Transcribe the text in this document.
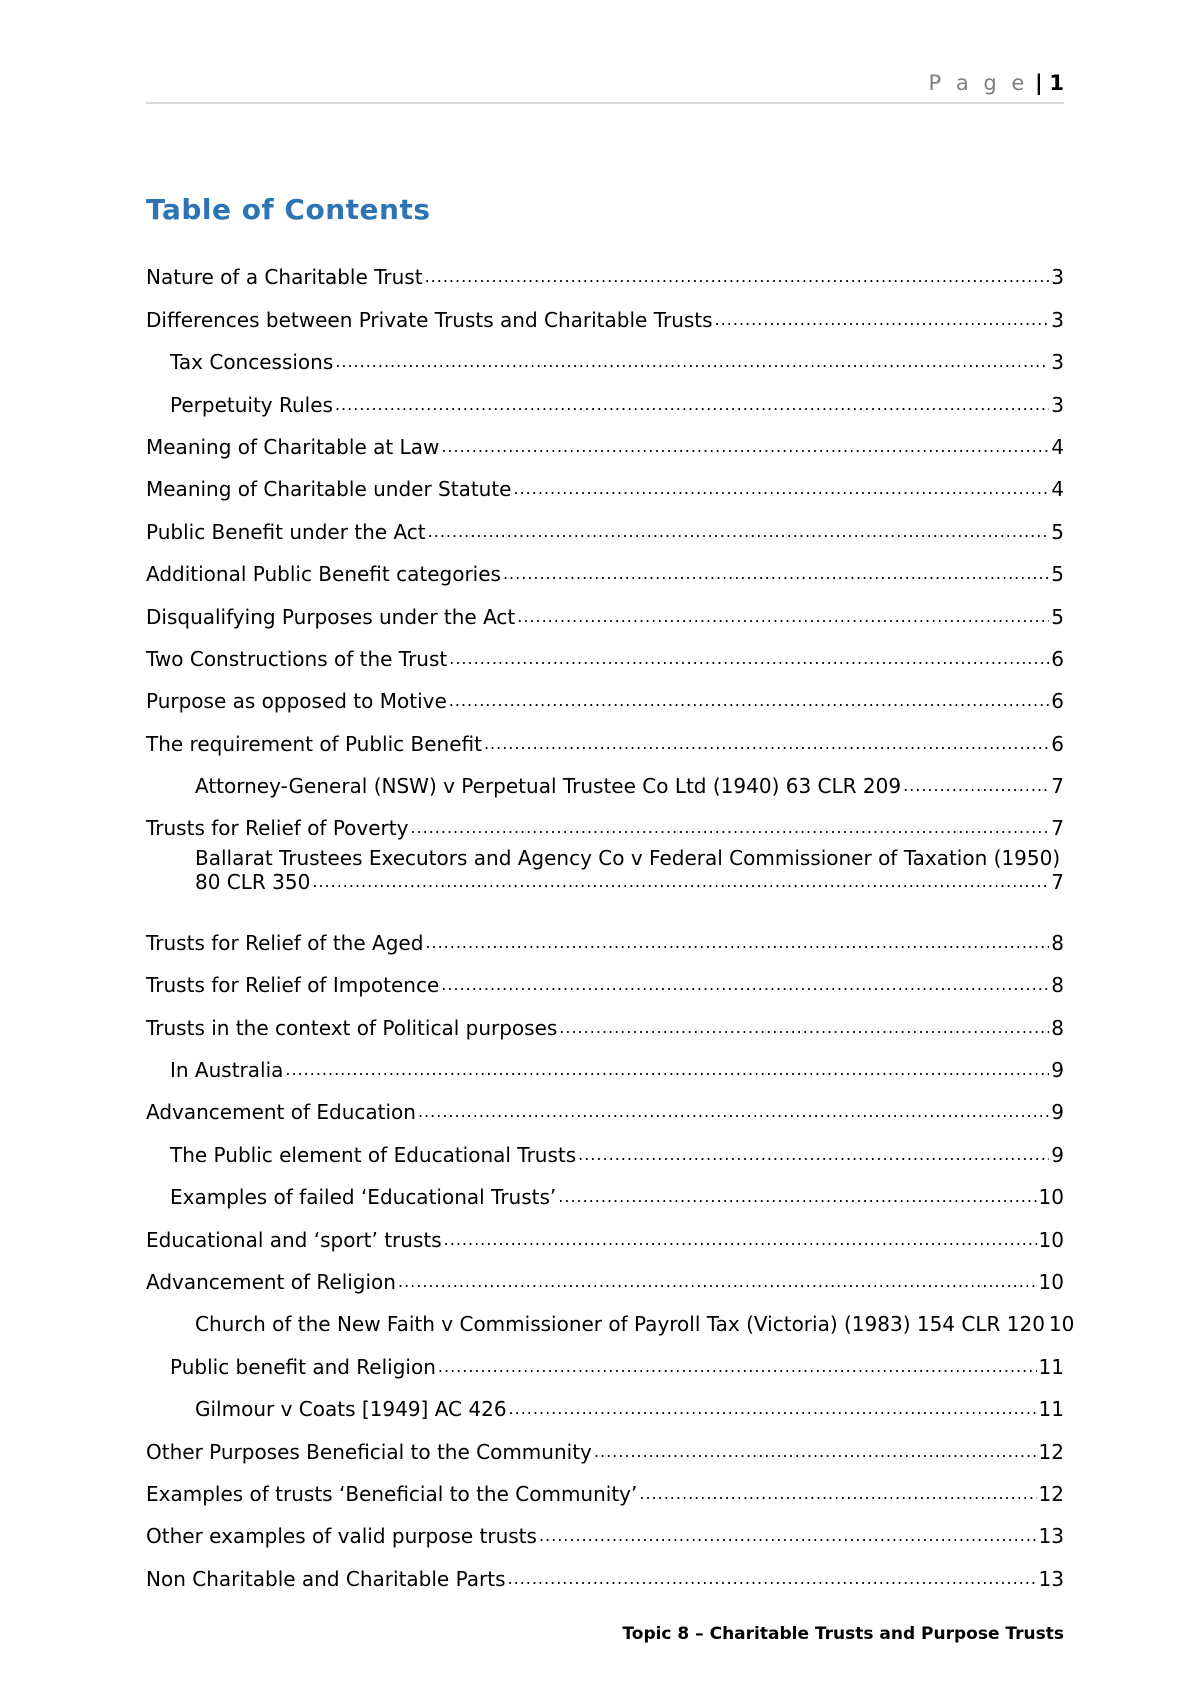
P a g e | 1
Table of Contents
Nature of a Charitable Trust .....	3
Differences between Private Trusts and Charitable Trusts .....	3
Tax Concessions .....	3
Perpetuity Rules .....	3
Meaning of Charitable at Law .....	4
Meaning of Charitable under Statute .....	4
Public Benefit under the Act .....	5
Additional Public Benefit categories .....	5
Disqualifying Purposes under the Act .....	5
Two Constructions of the Trust .....	6
Purpose as opposed to Motive .....	6
The requirement of Public Benefit .....	6
Attorney-General (NSW) v Perpetual Trustee Co Ltd (1940) 63 CLR 209 .....	7
Trusts for Relief of Poverty .....	7
Ballarat Trustees Executors and Agency Co v Federal Commissioner of Taxation (1950)
80 CLR 350 .....	7
Trusts for Relief of the Aged .....	8
Trusts for Relief of Impotence .....	8
Trusts in the context of Political purposes .....	8
In Australia .....	9
Advancement of Education .....	9
The Public element of Educational Trusts .....	9
Examples of failed ‘Educational Trusts’ .....	10
Educational and ‘sport’ trusts .....	10
Advancement of Religion .....	10
Church of the New Faith v Commissioner of Payroll Tax (Victoria) (1983) 154 CLR 120 10
Public benefit and Religion .....	11
Gilmour v Coats [1949] AC 426 .....	11
Other Purposes Beneficial to the Community .....	12
Examples of trusts ‘Beneficial to the Community’ .....	12
Other examples of valid purpose trusts .....	13
Non Charitable and Charitable Parts .....	13
Topic 8 – Charitable Trusts and Purpose Trusts
